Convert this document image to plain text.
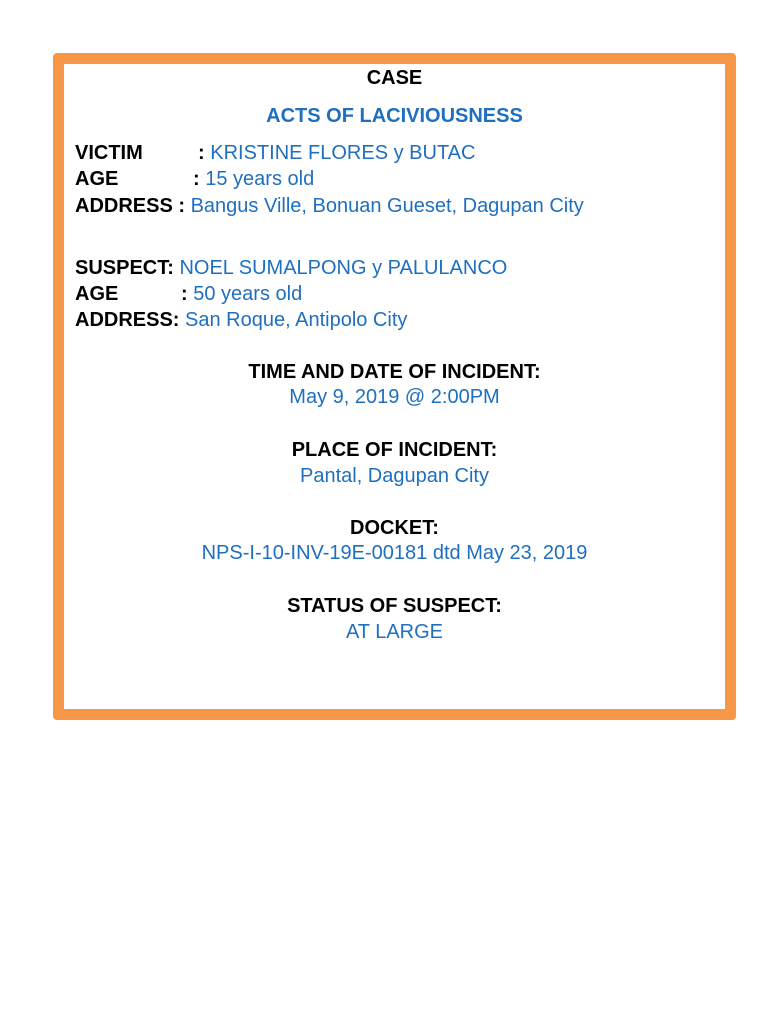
CASE
ACTS OF LACIVIOUSNESS
VICTIM	: KRISTINE FLORES y BUTAC
AGE	: 15 years old
ADDRESS : Bangus Ville, Bonuan Gueset, Dagupan City
SUSPECT: NOEL SUMALPONG y PALULANCO
AGE	: 50 years old
ADDRESS: San Roque, Antipolo City
TIME AND DATE OF INCIDENT:
May 9, 2019 @ 2:00PM
PLACE OF INCIDENT:
Pantal, Dagupan City
DOCKET:
NPS-I-10-INV-19E-00181 dtd May 23, 2019
STATUS OF SUSPECT:
AT LARGE
